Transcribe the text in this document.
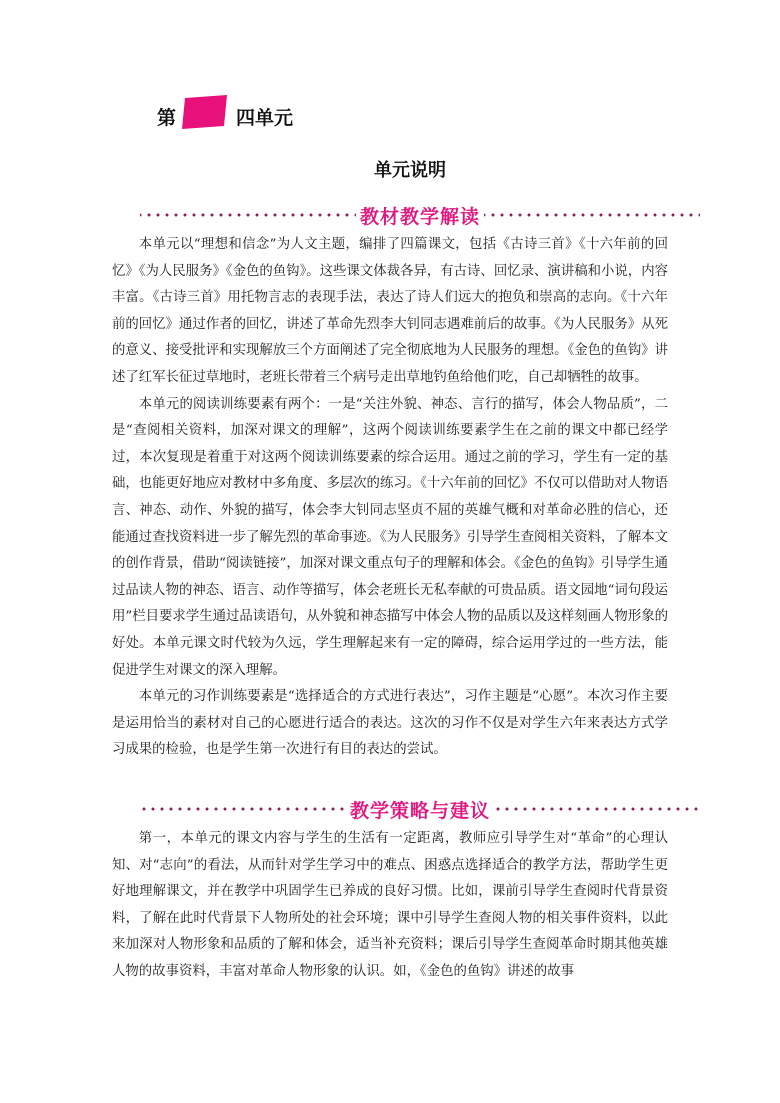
第	四单元
单元说明
教材教学解读

本单元以“理想和信念”为人文主题，编排了四篇课文，包括《古诗三首》《十六年前的回忆》《为人民服务》《金色的鱼钩》。这些课文体裁各异，有古诗、回忆录、演讲稿和小说，内容丰富。《古诗三首》用托物言志的表现手法，表达了诗人们远大的抱负和崇高的志向。《十六年前的回忆》通过作者的回忆，讲述了革命先烈李大钊同志遇难前后的故事。《为人民服务》从死的意义、接受批评和实现解放三个方面阐述了完全彻底地为人民服务的理想。《金色的鱼钩》讲述了红军长征过草地时，老班长带着三个病号走出草地钓鱼给他们吃，自己却牺牲的故事。

本单元的阅读训练要素有两个：一是“关注外貌、神态、言行的描写，体会人物品质”，二是“查阅相关资料，加深对课文的理解”，这两个阅读训练要素学生在之前的课文中都已经学过，本次复现是着重于对这两个阅读训练要素的综合运用。通过之前的学习，学生有一定的基础，也能更好地应对教材中多角度、多层次的练习。《十六年前的回忆》不仅可以借助对人物语言、神态、动作、外貌的描写，体会李大钊同志坚贞不屈的英雄气概和对革命必胜的信心，还能通过查找资料进一步了解先烈的革命事迹。《为人民服务》引导学生查阅相关资料，了解本文的创作背景，借助“阅读链接”，加深对课文重点句子的理解和体会。《金色的鱼钩》引导学生通过品读人物的神态、语言、动作等描写，体会老班长无私奉献的可贵品质。语文园地“词句段运用”栏目要求学生通过品读语句，从外貌和神态描写中体会人物的品质以及这样刻画人物形象的好处。本单元课文时代较为久远，学生理解起来有一定的障碍，综合运用学过的一些方法，能促进学生对课文的深入理解。

本单元的习作训练要素是“选择适合的方式进行表达”，习作主题是“心愿”。本次习作主要是运用恰当的素材对自己的心愿进行适合的表达。这次的习作不仅是对学生六年来表达方式学习成果的检验，也是学生第一次进行有目的表达的尝试。

教学策略与建议

第一，本单元的课文内容与学生的生活有一定距离，教师应引导学生对“革命”的心理认知、对“志向”的看法，从而针对学生学习中的难点、困惑点选择适合的教学方法，帮助学生更好地理解课文，并在教学中巩固学生已养成的良好习惯。比如，课前引导学生查阅时代背景资料，了解在此时代背景下人物所处的社会环境；课中引导学生查阅人物的相关事件资料，以此来加深对人物形象和品质的了解和体会，适当补充资料；课后引导学生查阅革命时期其他英雄人物的故事资料，丰富对革命人物形象的认识。如，《金色的鱼钩》讲述的故事
